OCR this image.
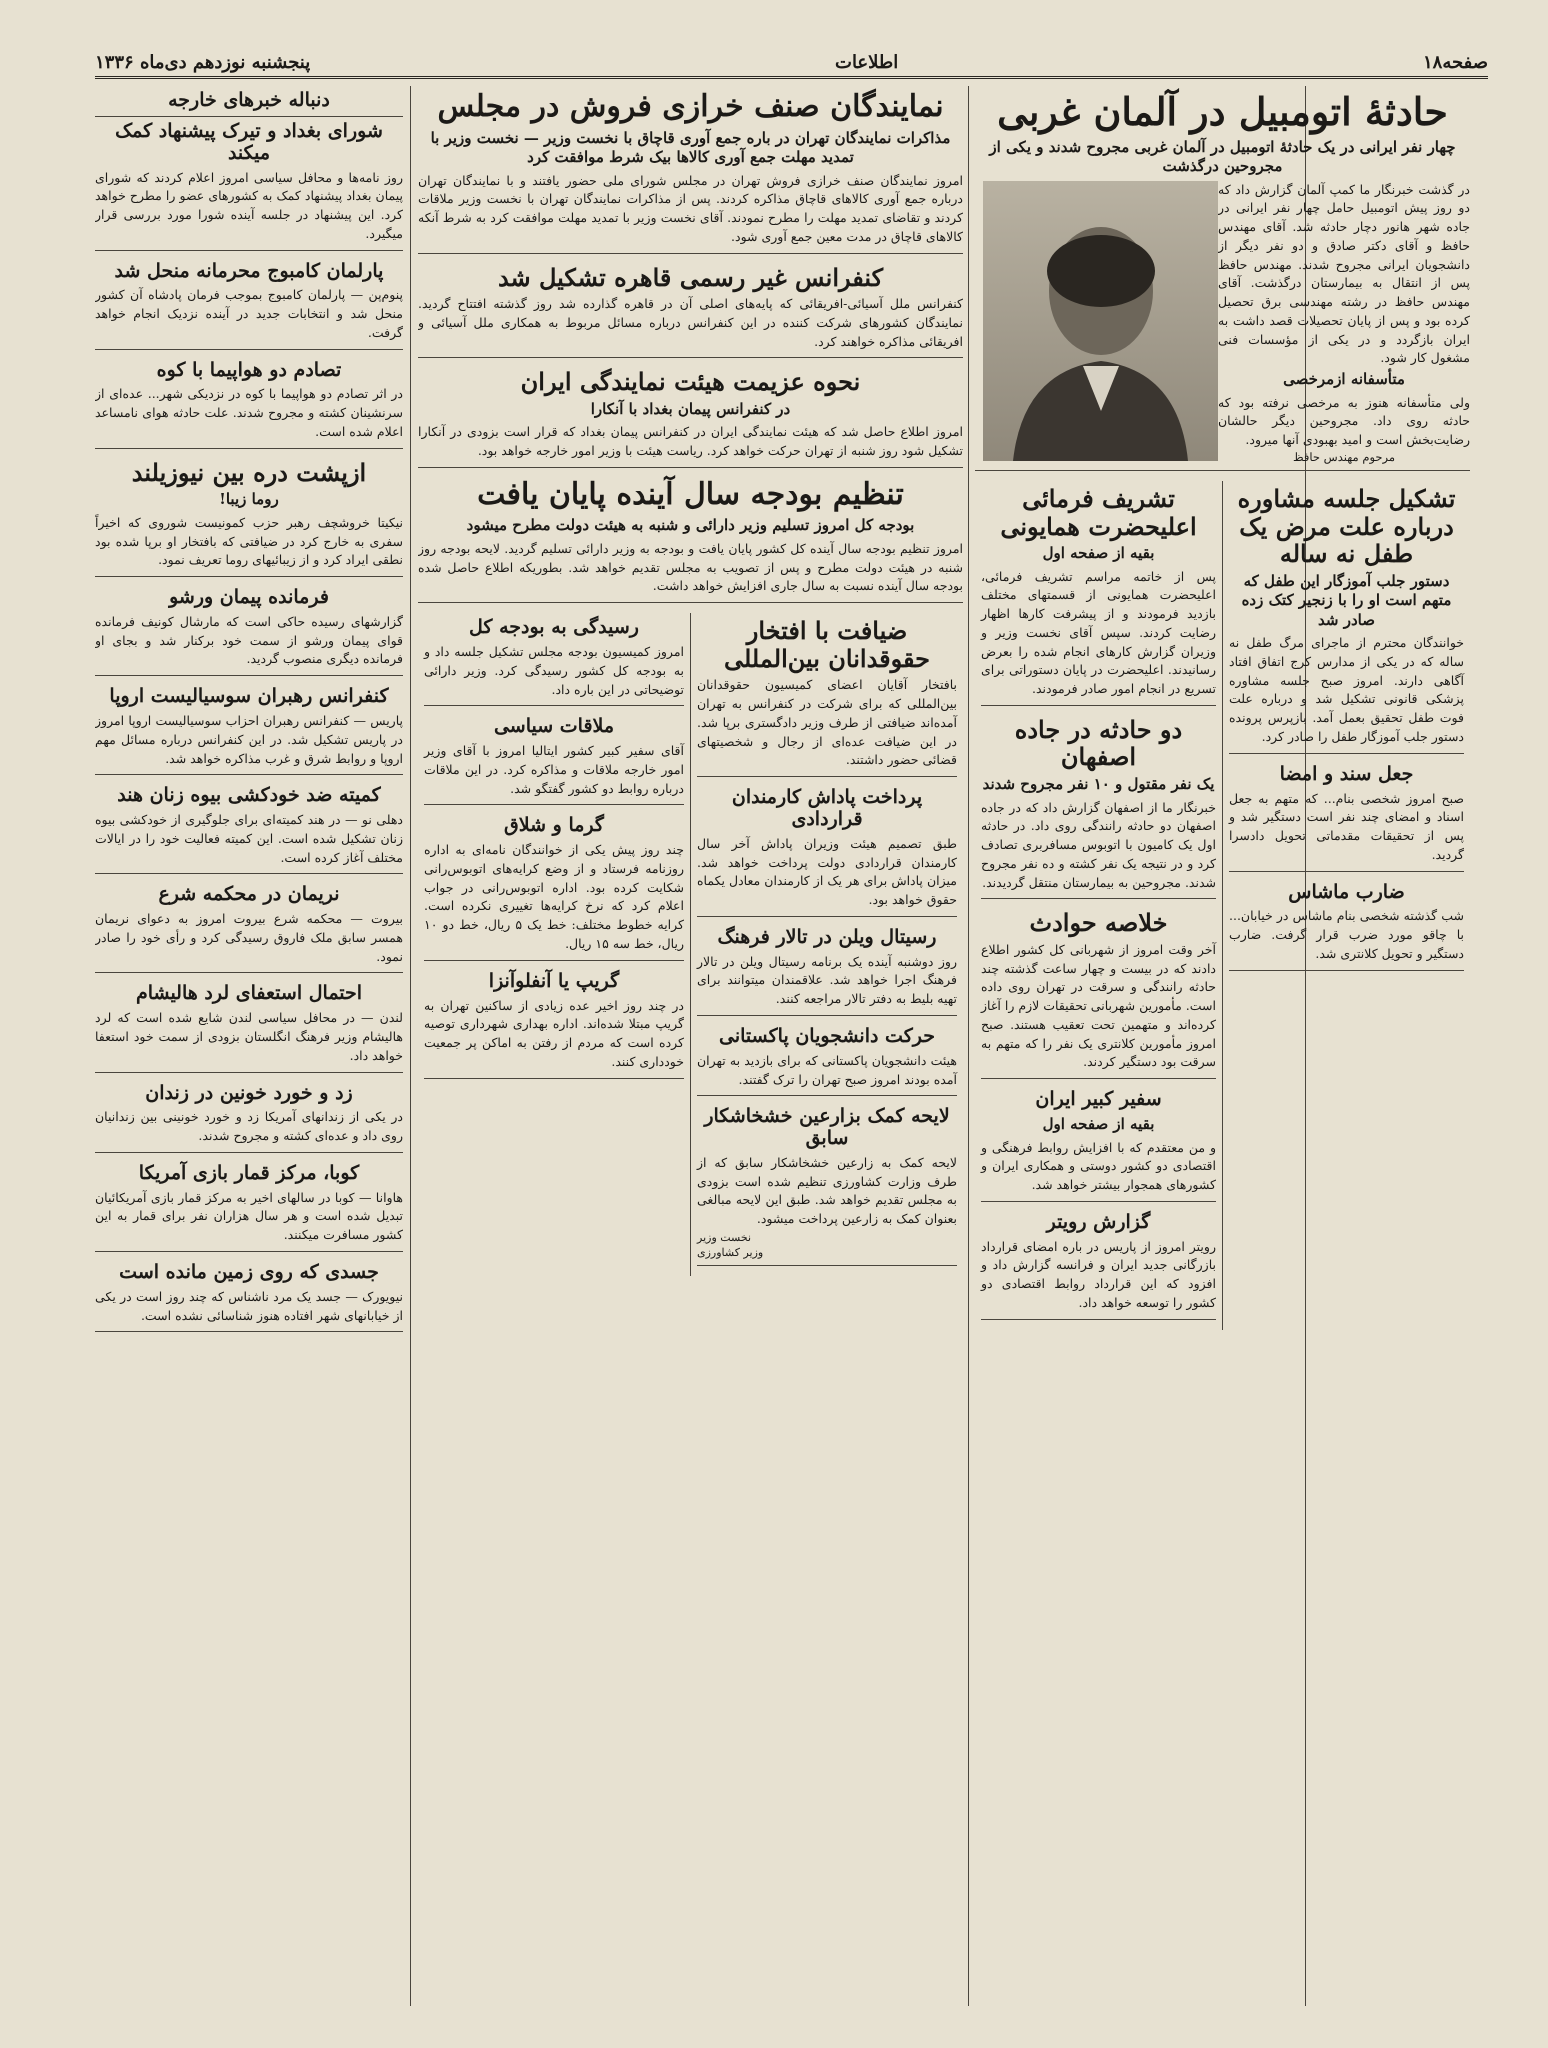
صفحه۱۸
اطلاعات
پنجشنبه نوزدهم دی‌ماه ۱۳۳۶
حادثهٔ اتومبیل در آلمان غربی
چهار نفر ایرانی در یک حادثهٔ اتومبیل در آلمان غربی مجروح شدند و یکی از مجروحین درگذشت
در گذشت خبرنگار ما کمپ آلمان گزارش داد که دو روز پیش اتومبیل حامل چهار نفر ایرانی در جاده شهر هانور دچار حادثه شد. آقای مهندس حافظ و آقای دکتر صادق و دو نفر دیگر از دانشجویان ایرانی مجروح شدند. مهندس حافظ پس از انتقال به بیمارستان درگذشت. آقای مهندس حافظ در رشته مهندسی برق تحصیل کرده بود و پس از پایان تحصیلات قصد داشت به ایران بازگردد و در یکی از مؤسسات فنی مشغول کار شود.
متأسفانه ازمرخصی
ولی متأسفانه هنوز به مرخصی نرفته بود که حادثه روی داد. مجروحین دیگر حالشان رضایت‌بخش است و امید بهبودی آنها میرود.
مرحوم مهندس حافظ
تشکیل جلسه مشاوره درباره علت مرض یک طفل نه ساله
دستور جلب آموزگار این طفل که متهم است او را با زنجیر کتک زده صادر شد
خوانندگان محترم از ماجرای مرگ طفل نه ساله که در یکی از مدارس کرج اتفاق افتاد آگاهی دارند. امروز صبح جلسه مشاوره پزشکی قانونی تشکیل شد و درباره علت فوت طفل تحقیق بعمل آمد. بازپرس پرونده دستور جلب آموزگار طفل را صادر کرد.
جعل سند و امضا
صبح امروز شخصی بنام... که متهم به جعل اسناد و امضای چند نفر است دستگیر شد و پس از تحقیقات مقدماتی تحویل دادسرا گردید.
ضارب ماشاس
شب گذشته شخصی بنام ماشاس در خیابان... با چاقو مورد ضرب قرار گرفت. ضارب دستگیر و تحویل کلانتری شد.
تشریف فرمائی اعلیحضرت همایونی
بقیه از صفحه اول
پس از خاتمه مراسم تشریف فرمائی، اعلیحضرت همایونی از قسمتهای مختلف بازدید فرمودند و از پیشرفت کارها اظهار رضایت کردند. سپس آقای نخست وزیر و وزیران گزارش کارهای انجام شده را بعرض رسانیدند. اعلیحضرت در پایان دستوراتی برای تسریع در انجام امور صادر فرمودند.
دو حادثه در جاده اصفهان
یک نفر مقتول و ۱۰ نفر مجروح شدند
خبرنگار ما از اصفهان گزارش داد که در جاده اصفهان دو حادثه رانندگی روی داد. در حادثه اول یک کامیون با اتوبوس مسافربری تصادف کرد و در نتیجه یک نفر کشته و ده نفر مجروح شدند. مجروحین به بیمارستان منتقل گردیدند.
خلاصه حوادث
آخر وقت امروز از شهربانی کل کشور اطلاع دادند که در بیست و چهار ساعت گذشته چند حادثه رانندگی و سرقت در تهران روی داده است. مأمورین شهربانی تحقیقات لازم را آغاز کرده‌اند و متهمین تحت تعقیب هستند. صبح امروز مأمورین کلانتری یک نفر را که متهم به سرقت بود دستگیر کردند.
سفیر کبیر ایران
بقیه از صفحه اول
و من معتقدم که با افزایش روابط فرهنگی و اقتصادی دو کشور دوستی و همکاری ایران و کشورهای همجوار بیشتر خواهد شد.
گزارش رویتر
رویتر امروز از پاریس در باره امضای قرارداد بازرگانی جدید ایران و فرانسه گزارش داد و افزود که این قرارداد روابط اقتصادی دو کشور را توسعه خواهد داد.
نمایندگان صنف خرازی فروش در مجلس
مذاکرات نمایندگان تهران در باره جمع آوری قاچاق با نخست وزیر — نخست وزیر با تمدید مهلت جمع آوری کالاها بیک شرط موافقت کرد
امروز نمایندگان صنف خرازی فروش تهران در مجلس شورای ملی حضور یافتند و با نمایندگان تهران درباره جمع آوری کالاهای قاچاق مذاکره کردند. پس از مذاکرات نمایندگان تهران با نخست وزیر ملاقات کردند و تقاضای تمدید مهلت را مطرح نمودند. آقای نخست وزیر با تمدید مهلت موافقت کرد به شرط آنکه کالاهای قاچاق در مدت معین جمع آوری شود.
کنفرانس غیر رسمی قاهره تشکیل شد
کنفرانس ملل آسیائی-افریقائی که پایه‌های اصلی آن در قاهره گذارده شد روز گذشته افتتاح گردید. نمایندگان کشورهای شرکت کننده در این کنفرانس درباره مسائل مربوط به همکاری ملل آسیائی و افریقائی مذاکره خواهند کرد.
نحوه عزیمت هیئت نمایندگی ایران
در کنفرانس پیمان بغداد با آنکارا
امروز اطلاع حاصل شد که هیئت نمایندگی ایران در کنفرانس پیمان بغداد که قرار است بزودی در آنکارا تشکیل شود روز شنبه از تهران حرکت خواهد کرد. ریاست هیئت با وزیر امور خارجه خواهد بود.
تنظیم بودجه سال آینده پایان یافت
بودجه کل امروز تسلیم وزیر دارائی و شنبه به هیئت دولت مطرح میشود
امروز تنظیم بودجه سال آینده کل کشور پایان یافت و بودجه به وزیر دارائی تسلیم گردید. لایحه بودجه روز شنبه در هیئت دولت مطرح و پس از تصویب به مجلس تقدیم خواهد شد. بطوریکه اطلاع حاصل شده بودجه سال آینده نسبت به سال جاری افزایش خواهد داشت.
ضیافت با افتخار حقوقدانان بین‌المللی
بافتخار آقایان اعضای کمیسیون حقوقدانان بین‌المللی که برای شرکت در کنفرانس به تهران آمده‌اند ضیافتی از طرف وزیر دادگستری برپا شد. در این ضیافت عده‌ای از رجال و شخصیتهای قضائی حضور داشتند.
پرداخت پاداش کارمندان قراردادی
طبق تصمیم هیئت وزیران پاداش آخر سال کارمندان قراردادی دولت پرداخت خواهد شد. میزان پاداش برای هر یک از کارمندان معادل یکماه حقوق خواهد بود.
رسیتال ویلن در تالار فرهنگ
روز دوشنبه آینده یک برنامه رسیتال ویلن در تالار فرهنگ اجرا خواهد شد. علاقمندان میتوانند برای تهیه بلیط به دفتر تالار مراجعه کنند.
حرکت دانشجویان پاکستانی
هیئت دانشجویان پاکستانی که برای بازدید به تهران آمده بودند امروز صبح تهران را ترک گفتند.
لایحه کمک بزارعین خشخاشکار سابق
لایحه کمک به زارعین خشخاشکار سابق که از طرف وزارت کشاورزی تنظیم شده است بزودی به مجلس تقدیم خواهد شد. طبق این لایحه مبالغی بعنوان کمک به زارعین پرداخت میشود.
نخست وزیر
وزیر کشاورزی
رسیدگی به بودجه کل
امروز کمیسیون بودجه مجلس تشکیل جلسه داد و به بودجه کل کشور رسیدگی کرد. وزیر دارائی توضیحاتی در این باره داد.
ملاقات سیاسی
آقای سفیر کبیر کشور ایتالیا امروز با آقای وزیر امور خارجه ملاقات و مذاکره کرد. در این ملاقات درباره روابط دو کشور گفتگو شد.
گرما و شلاق
چند روز پیش یکی از خوانندگان نامه‌ای به اداره روزنامه فرستاد و از وضع کرایه‌های اتوبوس‌رانی شکایت کرده بود. اداره اتوبوس‌رانی در جواب اعلام کرد که نرخ کرایه‌ها تغییری نکرده است. کرایه خطوط مختلف: خط یک ۵ ریال، خط دو ۱۰ ریال، خط سه ۱۵ ریال.
گریپ یا آنفلوآنزا
در چند روز اخیر عده زیادی از ساکنین تهران به گریپ مبتلا شده‌اند. اداره بهداری شهرداری توصیه کرده است که مردم از رفتن به اماکن پر جمعیت خودداری کنند.
دنباله خبرهای خارجه
شورای بغداد و تیرک پیشنهاد کمک میکند
روز نامه‌ها و محافل سیاسی امروز اعلام کردند که شورای پیمان بغداد پیشنهاد کمک به کشورهای عضو را مطرح خواهد کرد. این پیشنهاد در جلسه آینده شورا مورد بررسی قرار میگیرد.
پارلمان کامبوج محرمانه منحل شد
پنوم‌پن — پارلمان کامبوج بموجب فرمان پادشاه آن کشور منحل شد و انتخابات جدید در آینده نزدیک انجام خواهد گرفت.
تصادم دو هواپیما با کوه
در اثر تصادم دو هواپیما با کوه در نزدیکی شهر... عده‌ای از سرنشینان کشته و مجروح شدند. علت حادثه هوای نامساعد اعلام شده است.
ازپشت دره بین نیوزیلند
روما زیبا!
نیکیتا خروشچف رهبر حزب کمونیست شوروی که اخیراً سفری به خارج کرد در ضیافتی که بافتخار او برپا شده بود نطقی ایراد کرد و از زیبائیهای روما تعریف نمود.
فرمانده پیمان ورشو
گزارشهای رسیده حاکی است که مارشال کونیف فرمانده قوای پیمان ورشو از سمت خود برکنار شد و بجای او فرمانده دیگری منصوب گردید.
کنفرانس رهبران سوسیالیست اروپا
پاریس — کنفرانس رهبران احزاب سوسیالیست اروپا امروز در پاریس تشکیل شد. در این کنفرانس درباره مسائل مهم اروپا و روابط شرق و غرب مذاکره خواهد شد.
کمیته ضد خودکشی بیوه زنان هند
دهلی نو — در هند کمیته‌ای برای جلوگیری از خودکشی بیوه زنان تشکیل شده است. این کمیته فعالیت خود را در ایالات مختلف آغاز کرده است.
نریمان در محکمه شرع
بیروت — محکمه شرع بیروت امروز به دعوای نریمان همسر سابق ملک فاروق رسیدگی کرد و رأی خود را صادر نمود.
احتمال استعفای لرد هالیشام
لندن — در محافل سیاسی لندن شایع شده است که لرد هالیشام وزیر فرهنگ انگلستان بزودی از سمت خود استعفا خواهد داد.
زد و خورد خونین در زندان
در یکی از زندانهای آمریکا زد و خورد خونینی بین زندانیان روی داد و عده‌ای کشته و مجروح شدند.
کوبا، مرکز قمار بازی آمریکا
هاوانا — کوبا در سالهای اخیر به مرکز قمار بازی آمریکائیان تبدیل شده است و هر سال هزاران نفر برای قمار به این کشور مسافرت میکنند.
جسدی که روی زمین مانده است
نیویورک — جسد یک مرد ناشناس که چند روز است در یکی از خیابانهای شهر افتاده هنوز شناسائی نشده است.
